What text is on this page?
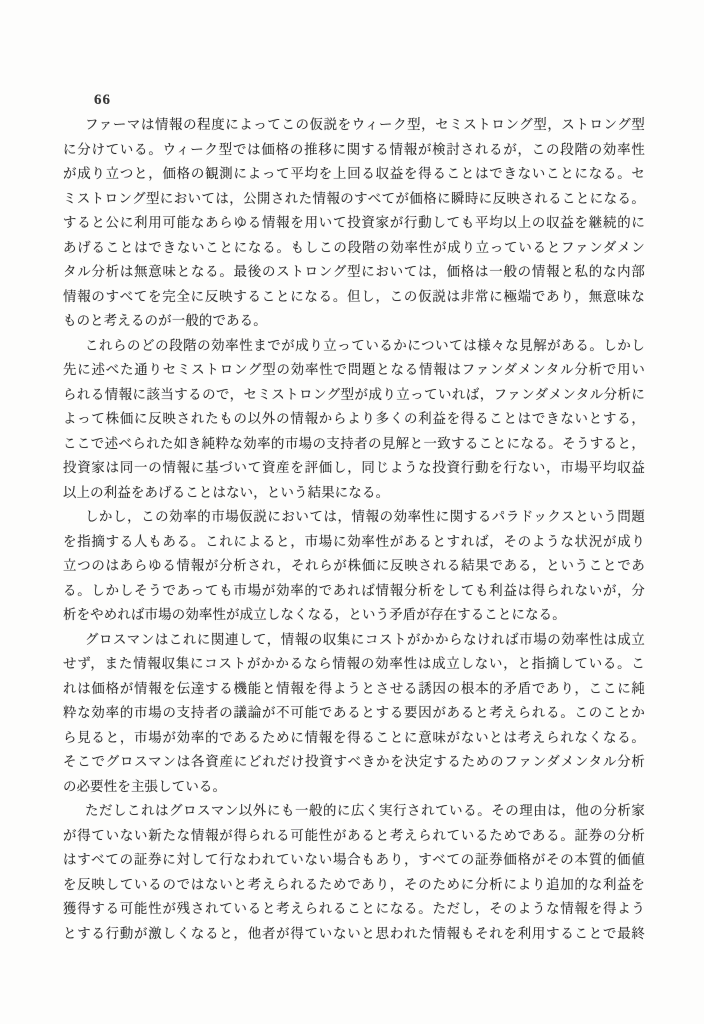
66
ファーマは情報の程度によってこの仮説をウィーク型，セミストロング型，ストロング型
に分けている。ウィーク型では価格の推移に関する情報が検討されるが，この段階の効率性
が成り立つと，価格の観測によって平均を上回る収益を得ることはできないことになる。セ
ミストロング型においては，公開された情報のすべてが価格に瞬時に反映されることになる。
すると公に利用可能なあらゆる情報を用いて投資家が行動しても平均以上の収益を継続的に
あげることはできないことになる。もしこの段階の効率性が成り立っているとファンダメン
タル分析は無意味となる。最後のストロング型においては，価格は一般の情報と私的な内部
情報のすべてを完全に反映することになる。但し，この仮説は非常に極端であり，無意味な
ものと考えるのが一般的である。
これらのどの段階の効率性までが成り立っているかについては様々な見解がある。しかし
先に述べた通りセミストロング型の効率性で問題となる情報はファンダメンタル分析で用い
られる情報に該当するので，セミストロング型が成り立っていれば，ファンダメンタル分析に
よって株価に反映されたもの以外の情報からより多くの利益を得ることはできないとする，
ここで述べられた如き純粋な効率的市場の支持者の見解と一致することになる。そうすると，
投資家は同一の情報に基づいて資産を評価し，同じような投資行動を行ない，市場平均収益
以上の利益をあげることはない，という結果になる。
しかし，この効率的市場仮説においては，情報の効率性に関するパラドックスという問題
を指摘する人もある。これによると，市場に効率性があるとすれば，そのような状況が成り
立つのはあらゆる情報が分析され，それらが株価に反映される結果である，ということであ
る。しかしそうであっても市場が効率的であれば情報分析をしても利益は得られないが，分
析をやめれば市場の効率性が成立しなくなる，という矛盾が存在することになる。
グロスマンはこれに関連して，情報の収集にコストがかからなければ市場の効率性は成立
せず，また情報収集にコストがかかるなら情報の効率性は成立しない，と指摘している。こ
れは価格が情報を伝達する機能と情報を得ようとさせる誘因の根本的矛盾であり，ここに純
粋な効率的市場の支持者の議論が不可能であるとする要因があると考えられる。このことか
ら見ると，市場が効率的であるために情報を得ることに意味がないとは考えられなくなる。
そこでグロスマンは各資産にどれだけ投資すべきかを決定するためのファンダメンタル分析
の必要性を主張している。
ただしこれはグロスマン以外にも一般的に広く実行されている。その理由は，他の分析家
が得ていない新たな情報が得られる可能性があると考えられているためである。証券の分析
はすべての証券に対して行なわれていない場合もあり，すべての証券価格がその本質的価値
を反映しているのではないと考えられるためであり，そのために分析により追加的な利益を
獲得する可能性が残されていると考えられることになる。ただし，そのような情報を得よう
とする行動が激しくなると，他者が得ていないと思われた情報もそれを利用することで最終
